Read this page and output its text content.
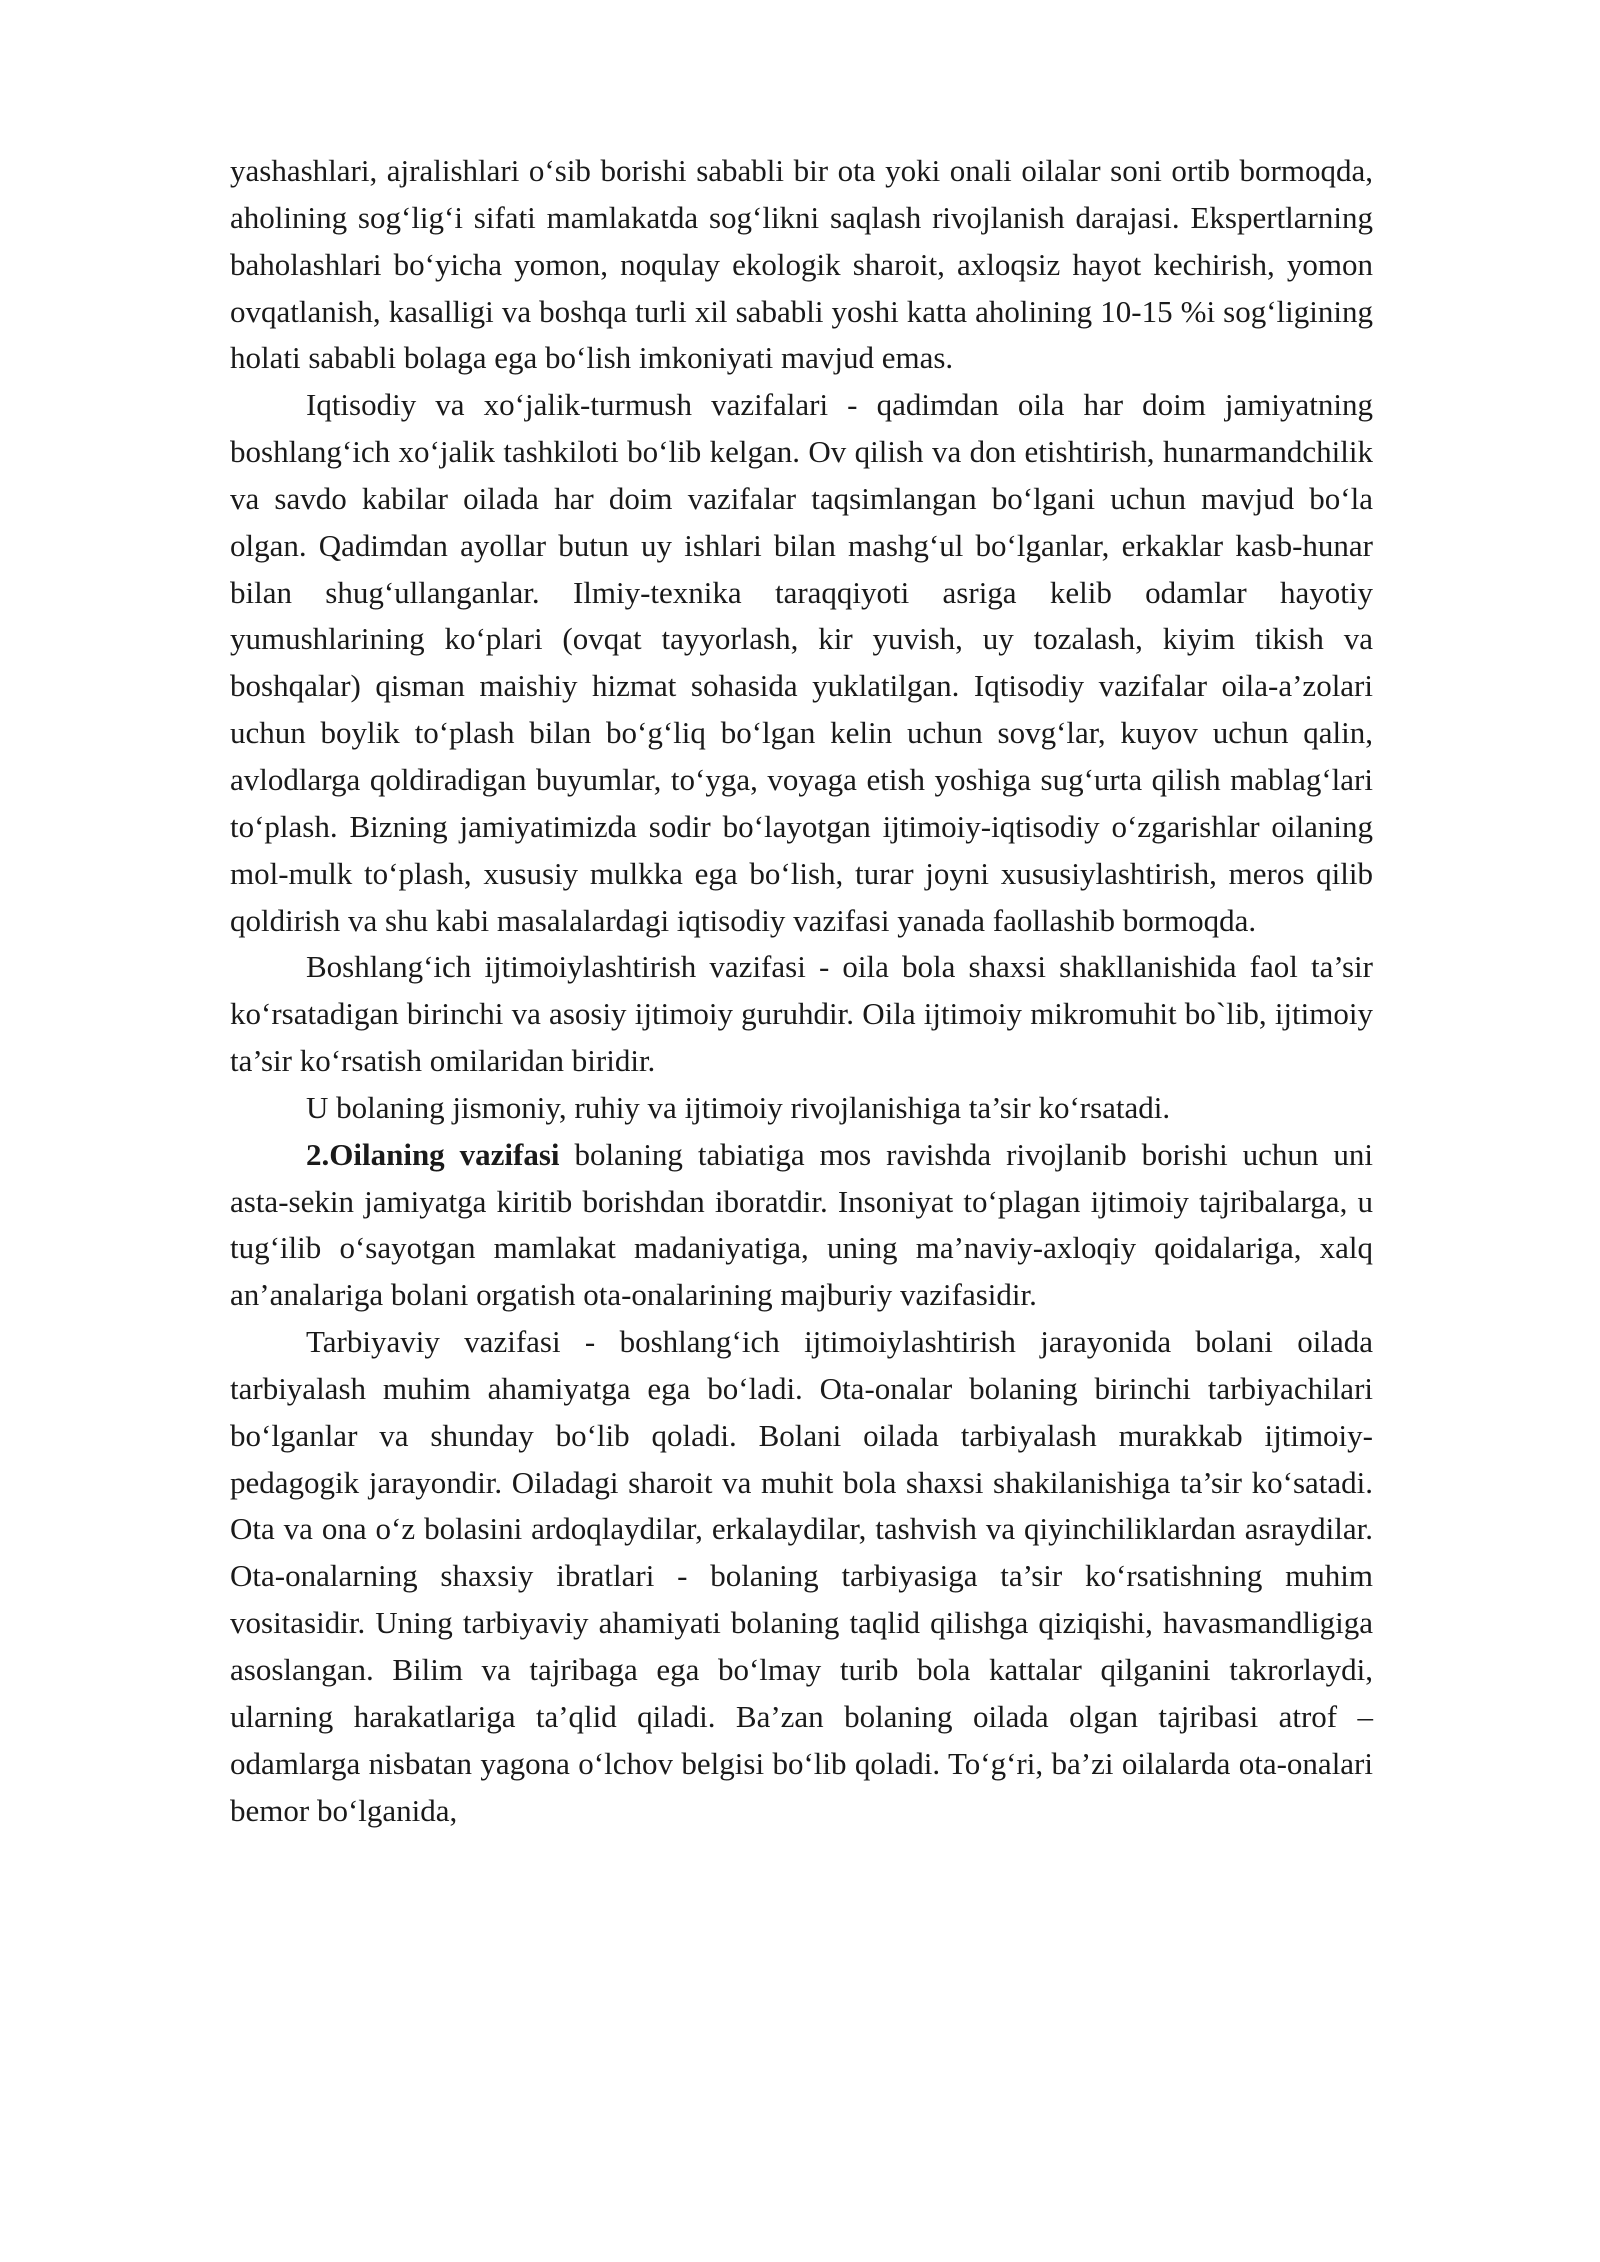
yashashlari, ajralishlari o‘sib borishi sababli bir ota yoki onali oilalar soni ortib bormoqda, aholining sog‘lig‘i sifati mamlakatda sog‘likni saqlash rivojlanish darajasi. Ekspertlarning baholashlari bo‘yicha yomon, noqulay ekologik sharoit, axloqsiz hayot kechirish, yomon ovqatlanish, kasalligi va boshqa turli xil sababli yoshi katta aholining 10-15 %i sog‘ligining holati sababli bolaga ega bo‘lish imkoniyati mavjud emas.

Iqtisodiy va xo‘jalik-turmush vazifalari - qadimdan oila har doim jamiyatning boshlang‘ich xo‘jalik tashkiloti bo‘lib kelgan. Ov qilish va don etishtirish, hunarmandchilik va savdo kabilar oilada har doim vazifalar taqsimlangan bo‘lgani uchun mavjud bo‘la olgan. Qadimdan ayollar butun uy ishlari bilan mashg‘ul bo‘lganlar, erkaklar kasb-hunar bilan shug‘ullanganlar. Ilmiy-texnika taraqqiyoti asriga kelib odamlar hayotiy yumushlarining ko‘plari (ovqat tayyorlash, kir yuvish, uy tozalash, kiyim tikish va boshqalar) qisman maishiy hizmat sohasida yuklatilgan. Iqtisodiy vazifalar oila-a’zolari uchun boylik to‘plash bilan bo‘g‘liq bo‘lgan kelin uchun sovg‘lar, kuyov uchun qalin, avlodlarga qoldiradigan buyumlar, to‘yga, voyaga etish yoshiga sug‘urta qilish mablag‘lari to‘plash. Bizning jamiyatimizda sodir bo‘layotgan ijtimoiy-iqtisodiy o‘zgarishlar oilaning mol-mulk to‘plash, xususiy mulkka ega bo‘lish, turar joyni xususiylashtirish, meros qilib qoldirish va shu kabi masalalardagi iqtisodiy vazifasi yanada faollashib bormoqda.

Boshlang‘ich ijtimoiylashtirish vazifasi - oila bola shaxsi shakllanishida faol ta’sir ko‘rsatadigan birinchi va asosiy ijtimoiy guruhdir. Oila ijtimoiy mikromuhit bo`lib, ijtimoiy ta’sir ko‘rsatish omilaridan biridir.

U bolaning jismoniy, ruhiy va ijtimoiy rivojlanishiga ta’sir ko‘rsatadi.

2.Oilaning vazifasi bolaning tabiatiga mos ravishda rivojlanib borishi uchun uni asta-sekin jamiyatga kiritib borishdan iboratdir. Insoniyat to‘plagan ijtimoiy tajribalarga, u tug‘ilib o‘sayotgan mamlakat madaniyatiga, uning ma’naviy-axloqiy qoidalariga, xalq an’analariga bolani orgatish ota-onalarining majburiy vazifasidir.

Tarbiyaviy vazifasi - boshlang‘ich ijtimoiylashtirish jarayonida bolani oilada tarbiyalash muhim ahamiyatga ega bo‘ladi. Ota-onalar bolaning birinchi tarbiyachilari bo‘lganlar va shunday bo‘lib qoladi. Bolani oilada tarbiyalash murakkab ijtimoiy-pedagogik jarayondir. Oiladagi sharoit va muhit bola shaxsi shakilanishiga ta’sir ko‘satadi. Ota va ona o‘z bolasini ardoqlaydilar, erkalaydilar, tashvish va qiyinchiliklardan asraydilar. Ota-onalarning shaxsiy ibratlari - bolaning tarbiyasiga ta’sir ko‘rsatishning muhim vositasidir. Uning tarbiyaviy ahamiyati bolaning taqlid qilishga qiziqishi, havasmandligiga asoslangan. Bilim va tajribaga ega bo‘lmay turib bola kattalar qilganini takrorlaydi, ularning harakatlariga ta’qlid qiladi. Ba’zan bolaning oilada olgan tajribasi atrof – odamlarga nisbatan yagona o‘lchov belgisi bo‘lib qoladi. To‘g‘ri, ba’zi oilalarda ota-onalari bemor bo‘lganida,
